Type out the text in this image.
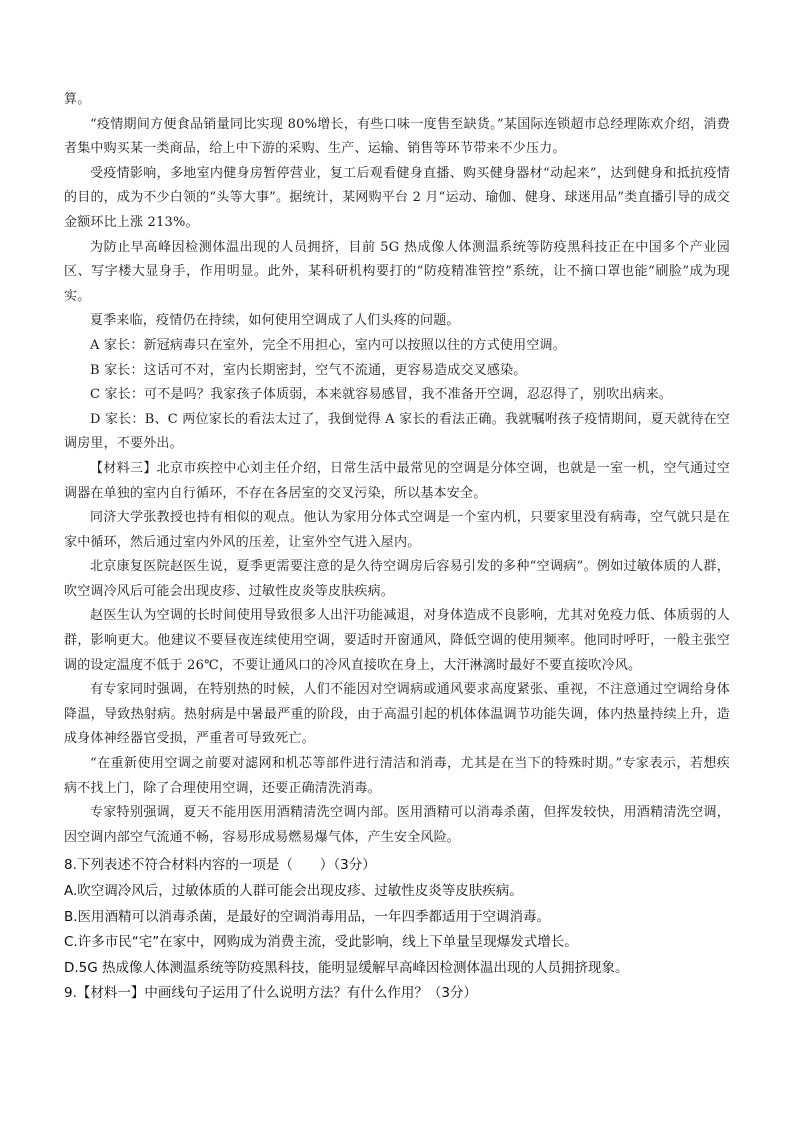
算。

“疫情期间方便食品销量同比实现 80%增长，有些口味一度售至缺货。”某国际连锁超市总经理陈欢介绍，消费者集中购买某一类商品，给上中下游的采购、生产、运输、销售等环节带来不少压力。

受疫情影响，多地室内健身房暂停营业，复工后观看健身直播、购买健身器材“动起来”，达到健身和抵抗疫情的目的，成为不少白领的“头等大事”。据统计，某网购平台 2 月“运动、瑜伽、健身、球迷用品”类直播引导的成交金额环比上涨 213%。

为防止早高峰因检测体温出现的人员拥挤，目前 5G 热成像人体测温系统等防疫黑科技正在中国多个产业园区、写字楼大显身手，作用明显。此外，某科研机构要打的“防疫精准管控”系统，让不摘口罩也能“刷脸”成为现实。

夏季来临，疫情仍在持续，如何使用空调成了人们头疼的问题。

A 家长：新冠病毒只在室外，完全不用担心，室内可以按照以往的方式使用空调。

B 家长：这话可不对，室内长期密封，空气不流通，更容易造成交叉感染。

C 家长：可不是吗？我家孩子体质弱，本来就容易感冒，我不准备开空调，忍忍得了，别吹出病来。

D 家长：B、C 两位家长的看法太过了，我倒觉得 A 家长的看法正确。我就嘱咐孩子疫情期间，夏天就待在空调房里，不要外出。

【材料三】北京市疾控中心刘主任介绍，日常生活中最常见的空调是分体空调，也就是一室一机，空气通过空调器在单独的室内自行循环，不存在各居室的交叉污染，所以基本安全。

同济大学张教授也持有相似的观点。他认为家用分体式空调是一个室内机，只要家里没有病毒，空气就只是在家中循环，然后通过室内外风的压差，让室外空气进入屋内。

北京康复医院赵医生说，夏季更需要注意的是久待空调房后容易引发的多种“空调病”。例如过敏体质的人群，吹空调冷风后可能会出现皮疹、过敏性皮炎等皮肤疾病。

赵医生认为空调的长时间使用导致很多人出汗功能减退，对身体造成不良影响，尤其对免疫力低、体质弱的人群，影响更大。他建议不要昼夜连续使用空调，要适时开窗通风，降低空调的使用频率。他同时呼吁，一般主张空调的设定温度不低于 26℃，不要让通风口的冷风直接吹在身上，大汗淋漓时最好不要直接吹冷风。

有专家同时强调，在特别热的时候，人们不能因对空调病或通风要求高度紧张、重视，不注意通过空调给身体降温，导致热射病。热射病是中暑最严重的阶段，由于高温引起的机体体温调节功能失调，体内热量持续上升，造成身体神经器官受损，严重者可导致死亡。

“在重新使用空调之前要对滤网和机芯等部件进行清洁和消毒，尤其是在当下的特殊时期。”专家表示，若想疾病不找上门，除了合理使用空调，还要正确清洗消毒。

专家特别强调，夏天不能用医用酒精清洗空调内部。医用酒精可以消毒杀菌，但挥发较快，用酒精清洗空调，因空调内部空气流通不畅，容易形成易燃易爆气体，产生安全风险。

8.下列表述不符合材料内容的一项是（　　）（3分）

A.吹空调冷风后，过敏体质的人群可能会出现皮疹、过敏性皮炎等皮肤疾病。

B.医用酒精可以消毒杀菌，是最好的空调消毒用品，一年四季都适用于空调消毒。

C.许多市民“宅”在家中，网购成为消费主流，受此影响，线上下单量呈现爆发式增长。

D.5G 热成像人体测温系统等防疫黑科技，能明显缓解早高峰因检测体温出现的人员拥挤现象。

9.【材料一】中画线句子运用了什么说明方法？有什么作用？（3分）
